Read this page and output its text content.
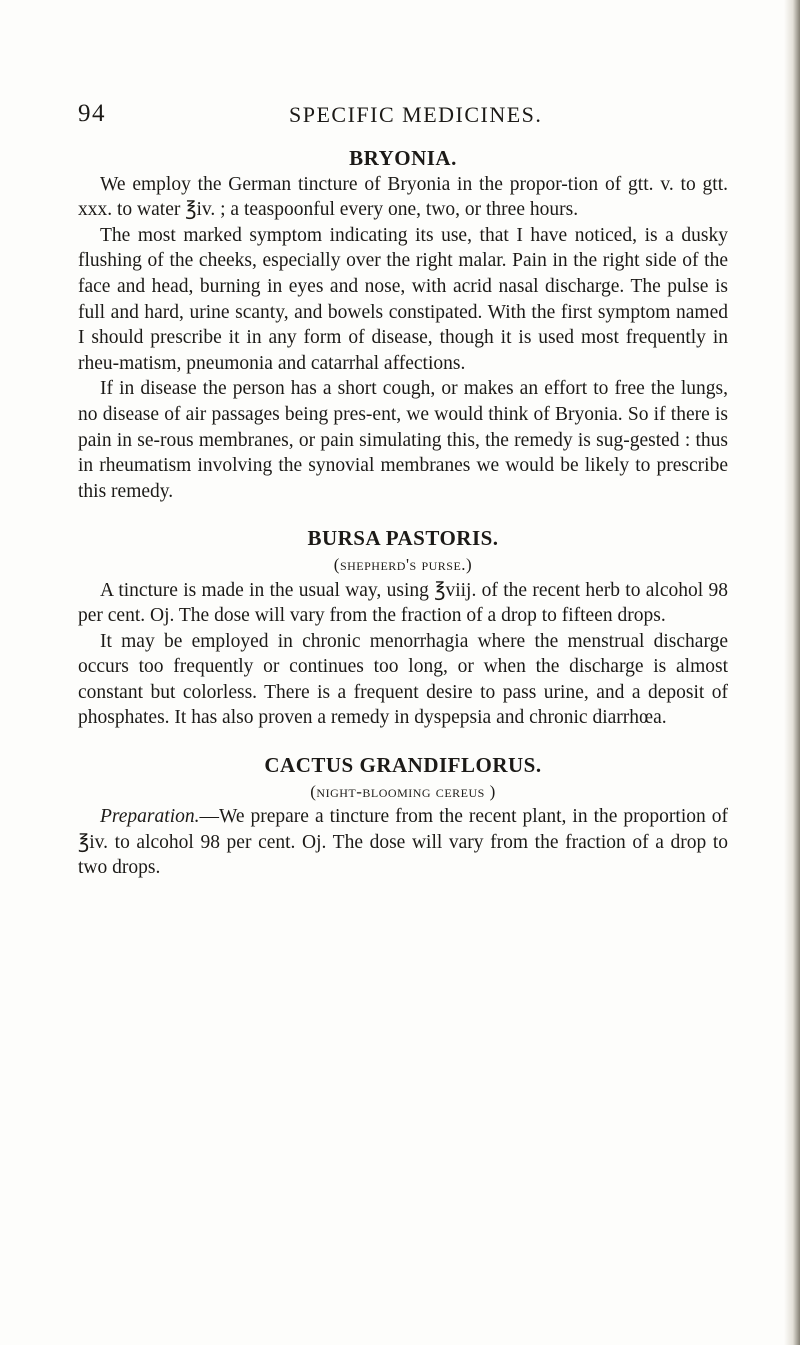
94	SPECIFIC MEDICINES.
BRYONIA.

We employ the German tincture of Bryonia in the propor-tion of gtt. v. to gtt. xxx. to water ℥iv. ; a teaspoonful every one, two, or three hours.

The most marked symptom indicating its use, that I have noticed, is a dusky flushing of the cheeks, especially over the right malar. Pain in the right side of the face and head, burning in eyes and nose, with acrid nasal discharge. The pulse is full and hard, urine scanty, and bowels constipated. With the first symptom named I should prescribe it in any form of disease, though it is used most frequently in rheu-matism, pneumonia and catarrhal affections.

If in disease the person has a short cough, or makes an effort to free the lungs, no disease of air passages being pres-ent, we would think of Bryonia. So if there is pain in se-rous membranes, or pain simulating this, the remedy is sug-gested : thus in rheumatism involving the synovial membranes we would be likely to prescribe this remedy.

BURSA PASTORIS.
(shepherd's purse.)

A tincture is made in the usual way, using ℥viij. of the recent herb to alcohol 98 per cent. Oj. The dose will vary from the fraction of a drop to fifteen drops.

It may be employed in chronic menorrhagia where the menstrual discharge occurs too frequently or continues too long, or when the discharge is almost constant but colorless. There is a frequent desire to pass urine, and a deposit of phosphates. It has also proven a remedy in dyspepsia and chronic diarrhœa.

CACTUS GRANDIFLORUS.
(night-blooming cereus )

Preparation.—We prepare a tincture from the recent plant, in the proportion of ℥iv. to alcohol 98 per cent. Oj. The dose will vary from the fraction of a drop to two drops.
